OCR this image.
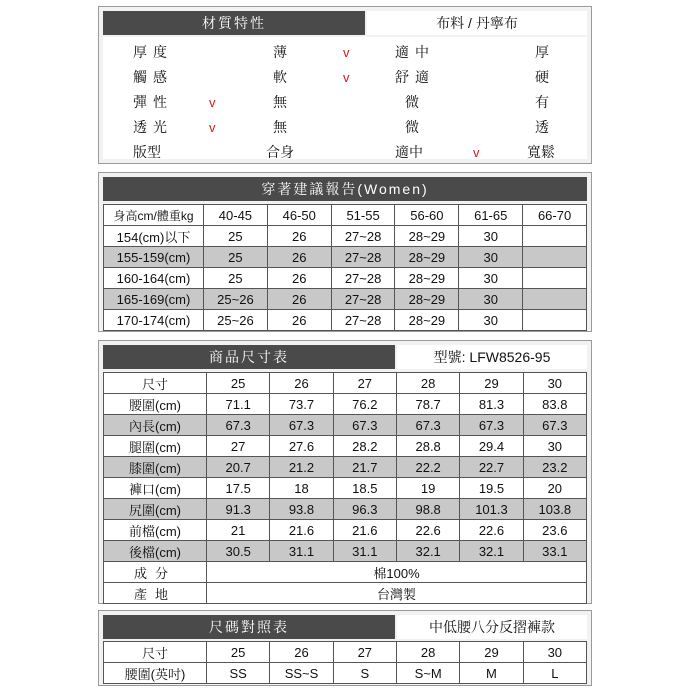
材質特性	布料 / 丹寧布
厚度	薄	v	適中	厚
觸感	軟	v	舒適	硬
彈性	v	無	微	有
透光	v	無	微	透
版型	合身	適中	v	寬鬆
穿著建議報告(Women)
身高cm/體重kg	40-45	46-50	51-55	56-60	61-65	66-70
154(cm)以下	25	26	27~28	28~29	30	
155-159(cm)	25	26	27~28	28~29	30	
160-164(cm)	25	26	27~28	28~29	30	
165-169(cm)	25~26	26	27~28	28~29	30	
170-174(cm)	25~26	26	27~28	28~29	30	
商品尺寸表	型號: LFW8526-95
尺寸	25	26	27	28	29	30
腰圍(cm)	71.1	73.7	76.2	78.7	81.3	83.8
內長(cm)	67.3	67.3	67.3	67.3	67.3	67.3
腿圍(cm)	27	27.6	28.2	28.8	29.4	30
膝圍(cm)	20.7	21.2	21.7	22.2	22.7	23.2
褲口(cm)	17.5	18	18.5	19	19.5	20
尻圍(cm)	91.3	93.8	96.3	98.8	101.3	103.8
前檔(cm)	21	21.6	21.6	22.6	22.6	23.6
後檔(cm)	30.5	31.1	31.1	32.1	32.1	33.1
成分	棉100%					
產地	台灣製					
尺碼對照表	中低腰八分反摺褲款
尺寸	25	26	27	28	29	30
腰圍(英吋)	SS	SS~S	S	S~M	M	L
